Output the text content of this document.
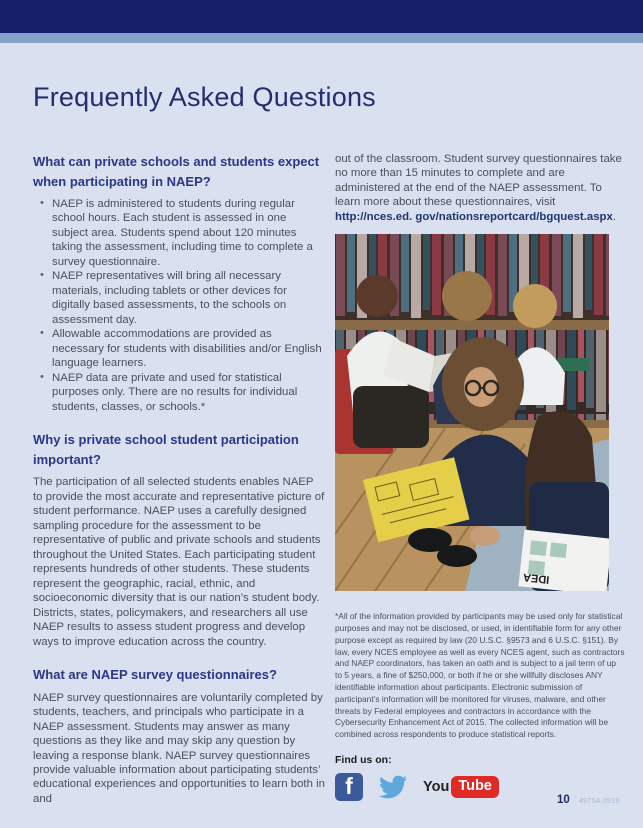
Frequently Asked Questions
What can private schools and students expect when participating in NAEP?
• NAEP is administered to students during regular school hours. Each student is assessed in one subject area. Students spend about 120 minutes taking the assessment, including time to complete a survey questionnaire.
• NAEP representatives will bring all necessary materials, including tablets or other devices for digitally based assessments, to the schools on assessment day.
• Allowable accommodations are provided as necessary for students with disabilities and/or English language learners.
• NAEP data are private and used for statistical purposes only. There are no results for individual students, classes, or schools.*
Why is private school student participation important?

The participation of all selected students enables NAEP to provide the most accurate and representative picture of student performance. NAEP uses a carefully designed sampling procedure for the assessment to be representative of public and private schools and students throughout the United States. Each participating student represents hundreds of other students. These students represent the geographic, racial, ethnic, and socioeconomic diversity that is our nation’s student body. Districts, states, policymakers, and researchers all use NAEP results to assess student progress and develop ways to improve education across the country.

What are NAEP survey questionnaires?

NAEP survey questionnaires are voluntarily completed by students, teachers, and principals who participate in a NAEP assessment. Students may answer as many questions as they like and may skip any question by leaving a response blank. NAEP survey questionnaires provide valuable information about participating students’ educational experiences and opportunities to learn both in and

out of the classroom. Student survey questionnaires take no more than 15 minutes to complete and are administered at the end of the NAEP assessment. To learn more about these questionnaires, visit http://nces.ed. gov/nationsreportcard/bgquest.aspx.

IDEA

*All of the information provided by participants may be used only for statistical purposes and may not be disclosed, or used, in identifiable form for any other purpose except as required by law (20 U.S.C. §9573 and 6 U.S.C. §151). By law, every NCES employee as well as every NCES agent, such as contractors and NAEP coordinators, has taken an oath and is subject to a jail term of up to 5 years, a fine of $250,000, or both if he or she willfully discloses ANY identifiable information about participants. Electronic submission of participant’s information will be monitored for viruses, malware, and other threats by Federal employees and contractors in accordance with the Cybersecurity Enhancement Act of 2015. The collected information will be combined across respondents to produce statistical reports.

Find us on:
f	You Tube
10 4975A.0918
